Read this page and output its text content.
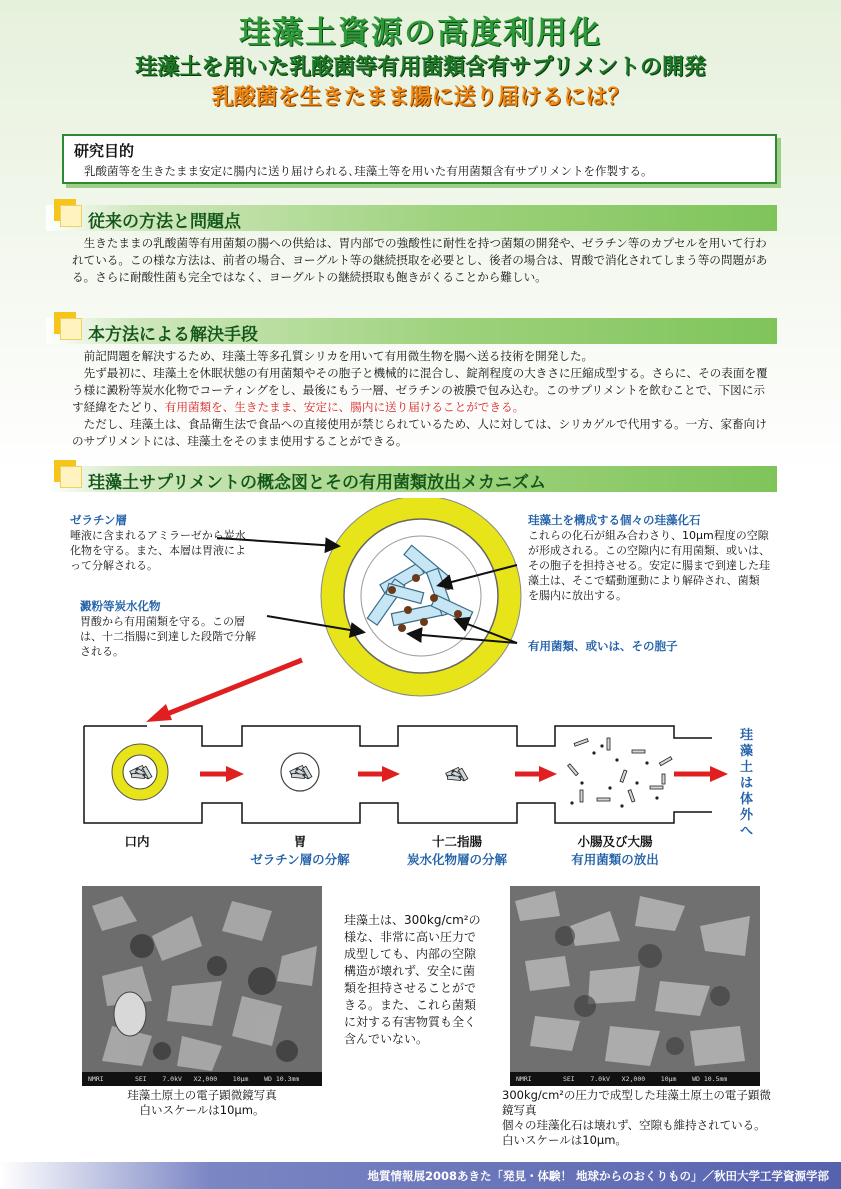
珪藻土資源の高度利用化
珪藻土を用いた乳酸菌等有用菌類含有サプリメントの開発
乳酸菌を生きたまま腸に送り届けるには？
研究目的

乳酸菌等を生きたまま安定に腸内に送り届けられる､珪藻土等を用いた有用菌類含有サプリメントを作製する。

従来の方法と問題点

生きたままの乳酸菌等有用菌類の腸への供給は、胃内部での強酸性に耐性を持つ菌類の開発や、ゼラチン等のカプセルを用いて行われている。この様な方法は、前者の場合、ヨーグルト等の継続摂取を必要とし、後者の場合は、胃酸で消化されてしまう等の問題がある。さらに耐酸性菌も完全ではなく、ヨーグルトの継続摂取も飽きがくることから難しい。

本方法による解決手段

前記問題を解決するため、珪藻土等多孔質シリカを用いて有用微生物を腸へ送る技術を開発した。

先ず最初に、珪藻土を休眠状態の有用菌類やその胞子と機械的に混合し、錠剤程度の大きさに圧縮成型する。さらに、その表面を覆う様に澱粉等炭水化物でコーティングをし、最後にもう一層、ゼラチンの被膜で包み込む。このサプリメントを飲むことで、下図に示す経緯をたどり、有用菌類を、生きたまま、安定に、腸内に送り届けることができる。

ただし、珪藻土は、食品衛生法で食品への直接使用が禁じられているため、人に対しては、シリカゲルで代用する。一方、家畜向けのサプリメントには、珪藻土をそのまま使用することができる。

珪藻土サプリメントの概念図とその有用菌類放出メカニズム
ゼラチン層
唾液に含まれるアミラーゼから炭水化物を守る。また、本層は胃液によって分解される。
澱粉等炭水化物
胃酸から有用菌類を守る。この層は、十二指腸に到達した段階で分解される。
珪藻土を構成する個々の珪藻化石
これらの化石が組み合わさり、10μm程度の空隙が形成される。この空隙内に有用菌類、或いは、その胞子を担持させる。安定に腸まで到達した珪藻土は、そこで蠕動運動により解砕され、菌類を腸内に放出する。
有用菌類、或いは、その胞子
珪藻土は体外へ
口内	胃
ゼラチン層の分解
十二指腸
炭水化物層の分解
小腸及び大腸
有用菌類の放出
NMRI        SEI    7.0kV   X2,000    10μm    WD 10.3mm
珪藻土原土の電子顕微鏡写真
白いスケールは10μm。
珪藻土は、300kg/cm²の様な、非常に高い圧力で成型しても、内部の空隙構造が壊れず、安全に菌類を担持させることができる。また、これら菌類に対する有害物質も全く含んでいない。
NMRI        SEI    7.0kV   X2,000    10μm    WD 10.5mm
300kg/cm²の圧力で成型した珪藻土原土の電子顕微鏡写真
個々の珪藻化石は壊れず、空隙も維持されている。白いスケールは10μm。
地質情報展2008あきた「発見・体験！ 地球からのおくりもの」／秋田大学工学資源学部
